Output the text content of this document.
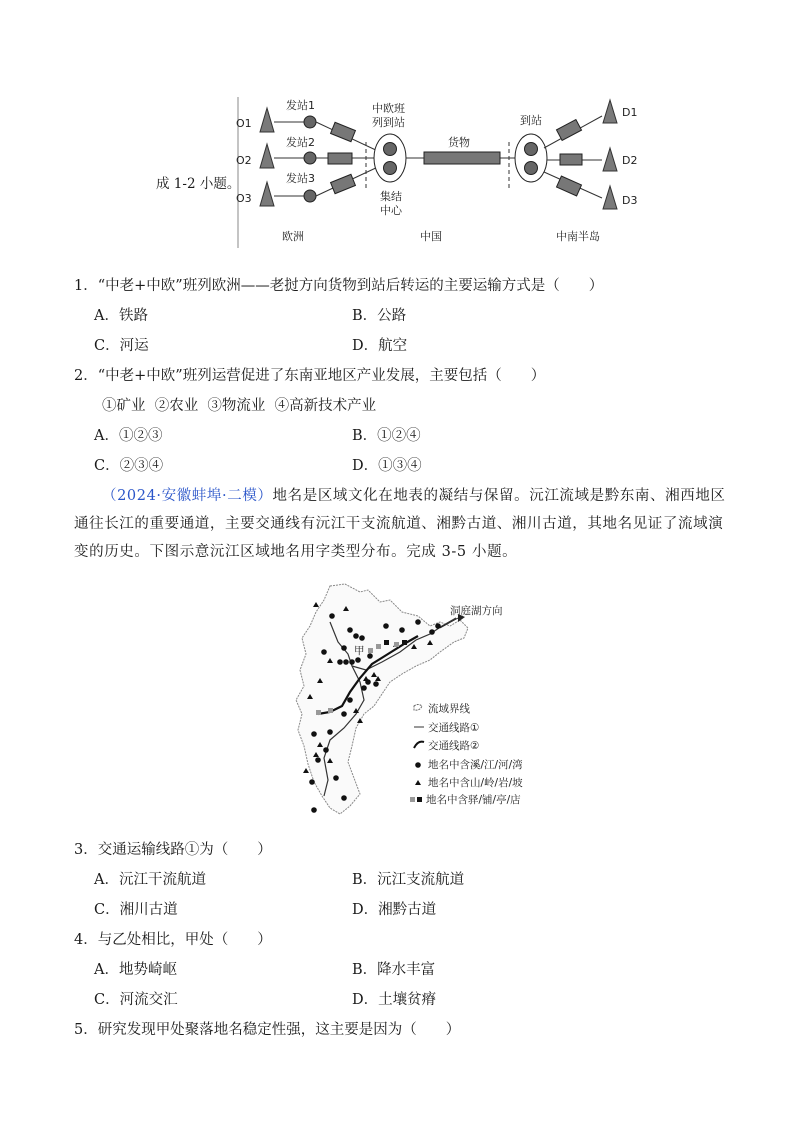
O1
O2
O3
发站1
发站2
发站3
中欧班
列到站
货物
到站
集结
中心
D1
D2
D3
欧洲	中国	中南半岛
成 1-2 小题。
1．“中老+中欧”班列欧洲——老挝方向货物到站后转运的主要运输方式是（　　）
A．铁路	B．公路
C．河运	D．航空
2．“中老+中欧”班列运营促进了东南亚地区产业发展，主要包括（　　）
①矿业  ②农业  ③物流业  ④高新技术产业
A．①②③	B．①②④
C．②③④	D．①③④
（2024·安徽蚌埠·二模）地名是区域文化在地表的凝结与保留。沅江流域是黔东南、湘西地区通往长江的重要通道，主要交通线有沅江干支流航道、湘黔古道、湘川古道，其地名见证了流域演变的历史。下图示意沅江区域地名用字类型分布。完成 3-5 小题。
洞庭湖方向
甲
流域界线
交通线路①
交通线路②
地名中含溪/江/河/湾
地名中含山/岭/岩/坡
地名中含驿/铺/亭/店
3．交通运输线路①为（　　）
A．沅江干流航道	B．沅江支流航道
C．湘川古道	D．湘黔古道
4．与乙处相比，甲处（　　）
A．地势崎岖	B．降水丰富
C．河流交汇	D．土壤贫瘠
5．研究发现甲处聚落地名稳定性强，这主要是因为（　　）
